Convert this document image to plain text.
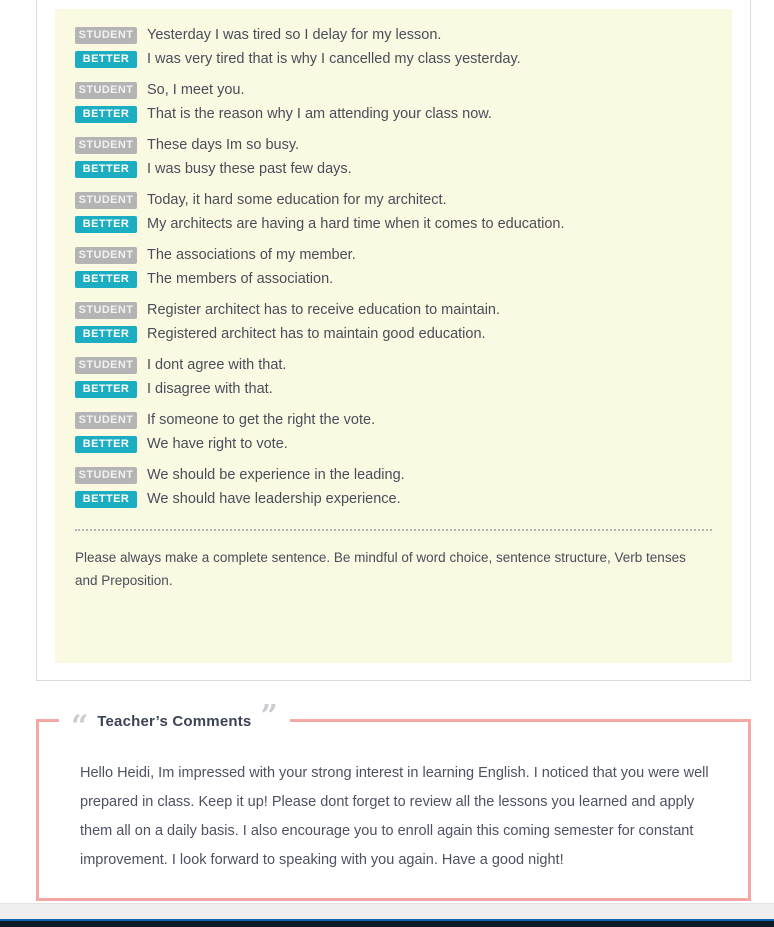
STUDENT Yesterday I was tired so I delay for my lesson.
BETTER	I was very tired that is why I cancelled my class yesterday.
STUDENT So, I meet you.
BETTER	That is the reason why I am attending your class now.
STUDENT These days Im so busy.
BETTER	I was busy these past few days.
STUDENT Today, it hard some education for my architect.
BETTER	My architects are having a hard time when it comes to education.
STUDENT The associations of my member.
BETTER	The members of association.
STUDENT Register architect has to receive education to maintain.
BETTER	Registered architect has to maintain good education.
STUDENT I dont agree with that.
BETTER	I disagree with that.
STUDENT If someone to get the right the vote.
BETTER	We have right to vote.
STUDENT We should be experience in the leading.
BETTER	We should have leadership experience.
Please always make a complete sentence. Be mindful of word choice, sentence structure, Verb tenses and Preposition.
“ Teacher’s Comments ”
Hello Heidi, Im impressed with your strong interest in learning English. I noticed that you were well prepared in class. Keep it up! Please dont forget to review all the lessons you learned and apply them all on a daily basis. I also encourage you to enroll again this coming semester for constant improvement. I look forward to speaking with you again. Have a good night!
